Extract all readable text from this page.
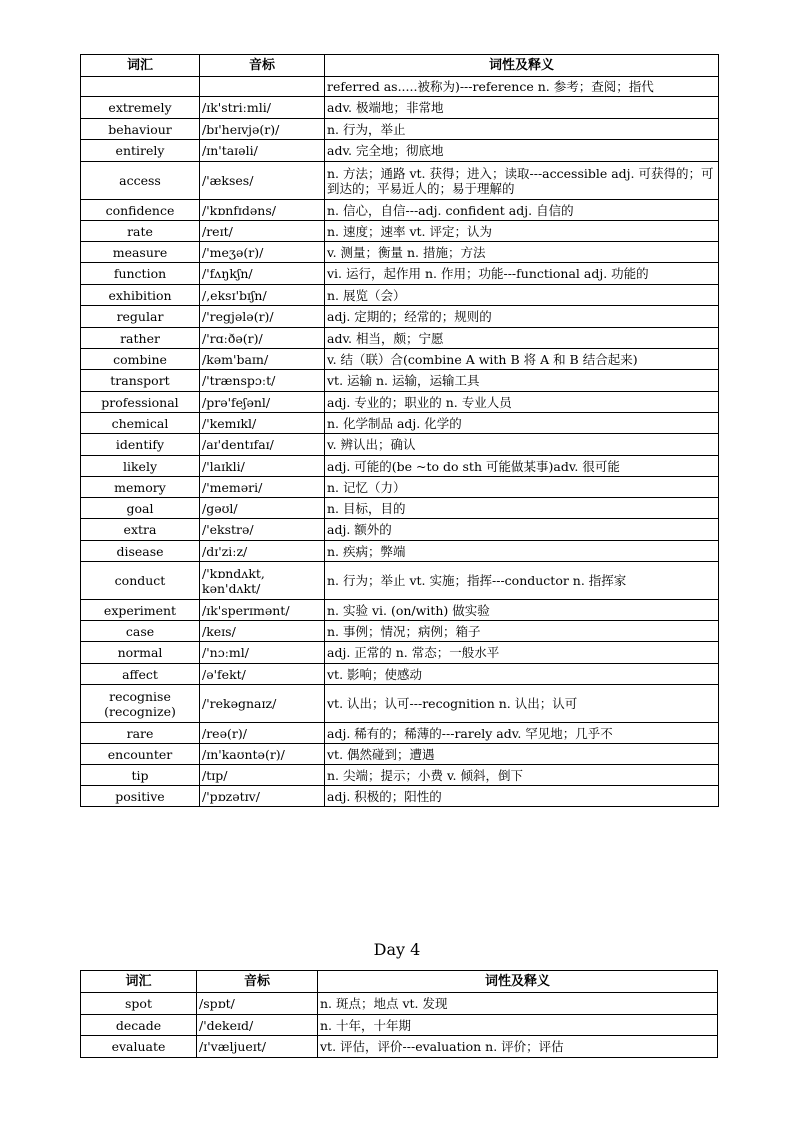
词汇	音标	词性及释义
		referred as.....被称为)---reference n. 参考；查阅；指代
extremely	/ɪk'striːmli/	adv. 极端地；非常地
behaviour	/bɪ'heɪvjə(r)/	n. 行为，举止
entirely	/ɪn'taɪəli/	adv. 完全地；彻底地
access	/'ækses/	n. 方法；通路 vt. 获得；进入；读取---accessible adj. 可获得的；可到达的；平易近人的；易于理解的
confidence	/'kɒnfɪdəns/	n. 信心，自信---adj. confident adj. 自信的
rate	/reɪt/	n. 速度；速率 vt. 评定；认为
measure	/'meʒə(r)/	v. 测量；衡量 n. 措施；方法
function	/'fʌŋkʃn/	vi. 运行，起作用 n. 作用；功能---functional adj. 功能的
exhibition	/,eksɪ'bɪʃn/	n. 展览（会）
regular	/'regjələ(r)/	adj. 定期的；经常的；规则的
rather	/'rɑːðə(r)/	adv. 相当，颇；宁愿
combine	/kəm'baɪn/	v. 结（联）合(combine A with B 将 A 和 B 结合起来)
transport	/'trænspɔːt/	vt. 运输 n. 运输，运输工具
professional	/prə'feʃənl/	adj. 专业的；职业的 n. 专业人员
chemical	/'kemɪkl/	n. 化学制品 adj. 化学的
identify	/aɪ'dentɪfaɪ/	v. 辨认出；确认
likely	/'laɪkli/	adj. 可能的(be ~to do sth 可能做某事)adv. 很可能
memory	/'meməri/	n. 记忆（力）
goal	/gəʊl/	n. 目标，目的
extra	/'ekstrə/	adj. 额外的
disease	/dɪ'ziːz/	n. 疾病；弊端
conduct	/'kɒndʌkt, kən'dʌkt/	n. 行为；举止 vt. 实施；指挥---conductor n. 指挥家
experiment	/ɪk'sperɪmənt/	n. 实验 vi. (on/with) 做实验
case	/keɪs/	n. 事例；情况；病例；箱子
normal	/'nɔːml/	adj. 正常的 n. 常态；一般水平
affect	/ə'fekt/	vt. 影响；使感动
recognise (recognize)	/'rekəgnaɪz/	vt. 认出；认可---recognition n. 认出；认可
rare	/reə(r)/	adj. 稀有的；稀薄的---rarely adv. 罕见地；几乎不
encounter	/ɪn'kaʊntə(r)/	vt. 偶然碰到；遭遇
tip	/tɪp/	n. 尖端；提示；小费 v. 倾斜，倒下
positive	/'pɒzətɪv/	adj. 积极的；阳性的
Day 4
词汇	音标	词性及释义
spot	/spɒt/	n. 斑点；地点 vt. 发现
decade	/'dekeɪd/	n. 十年，十年期
evaluate	/ɪ'væljueɪt/	vt. 评估，评价---evaluation n. 评价；评估
